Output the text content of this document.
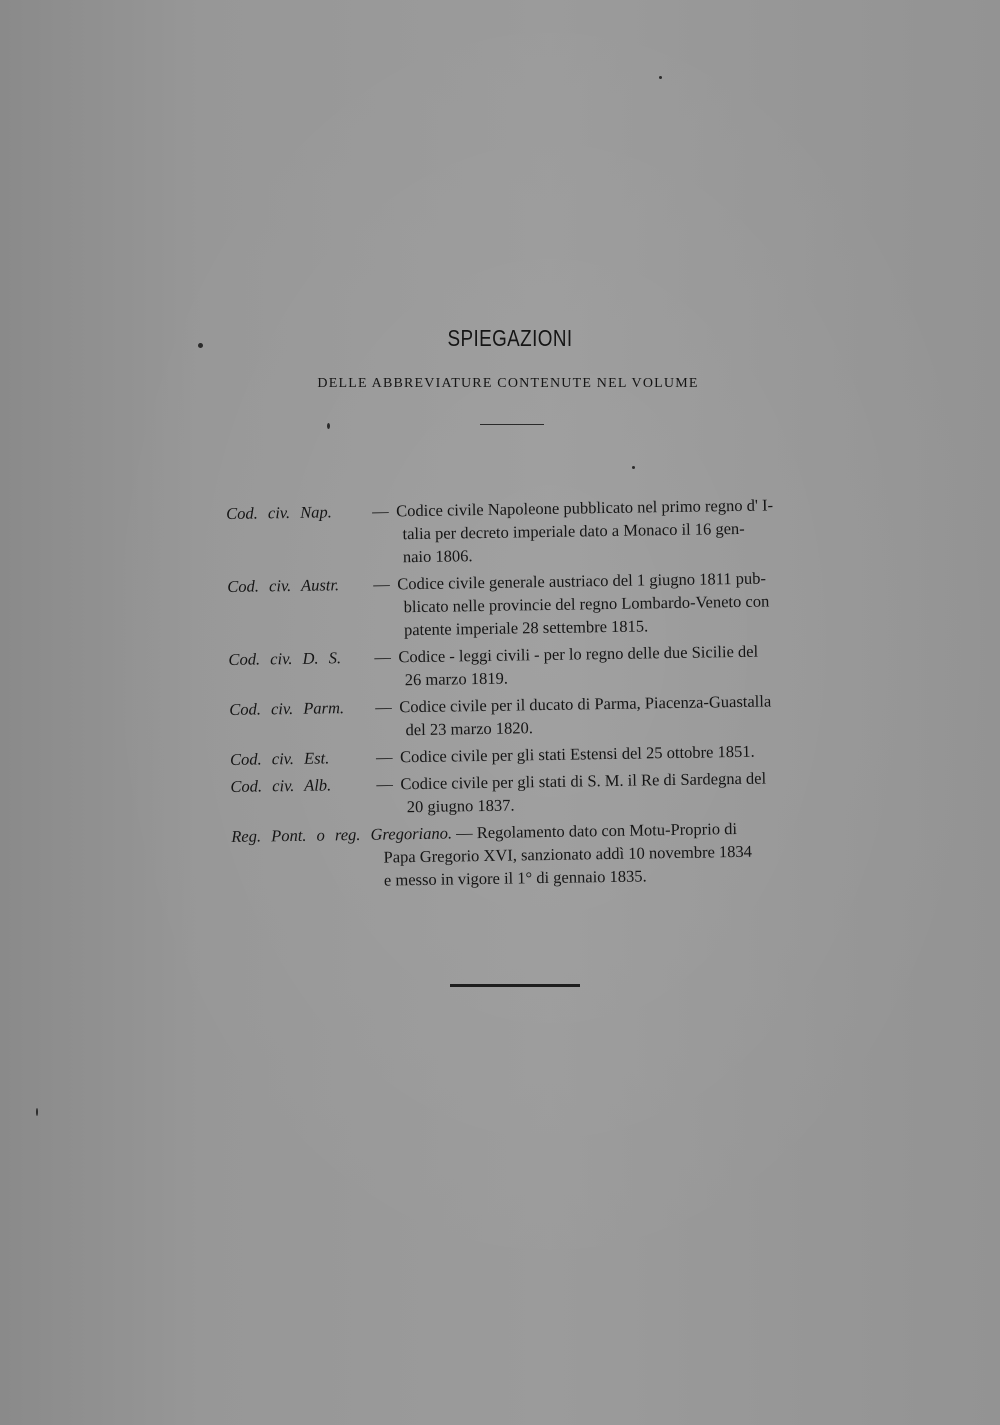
SPIEGAZIONI
DELLE ABBREVIATURE CONTENUTE NEL VOLUME
Cod. civ. Nap.	— Codice civile Napoleone pubblicato nel primo regno d' I-
talia per decreto imperiale dato a Monaco il 16 gen-
naio 1806.
Cod. civ. Austr.	— Codice civile generale austriaco del 1 giugno 1811 pub-
blicato nelle provincie del regno Lombardo-Veneto con
patente imperiale 28 settembre 1815.
Cod. civ. D. S.	— Codice - leggi civili - per lo regno delle due Sicilie del
26 marzo 1819.
Cod. civ. Parm.	— Codice civile per il ducato di Parma, Piacenza-Guastalla
del 23 marzo 1820.
Cod. civ. Est.	— Codice civile per gli stati Estensi del 25 ottobre 1851.
Cod. civ. Alb.	— Codice civile per gli stati di S. M. il Re di Sardegna del
20 giugno 1837.
Reg. Pont. o reg. Gregoriano. — Regolamento dato con Motu-Proprio di
Papa Gregorio XVI, sanzionato addì 10 novembre 1834
e messo in vigore il 1° di gennaio 1835.
